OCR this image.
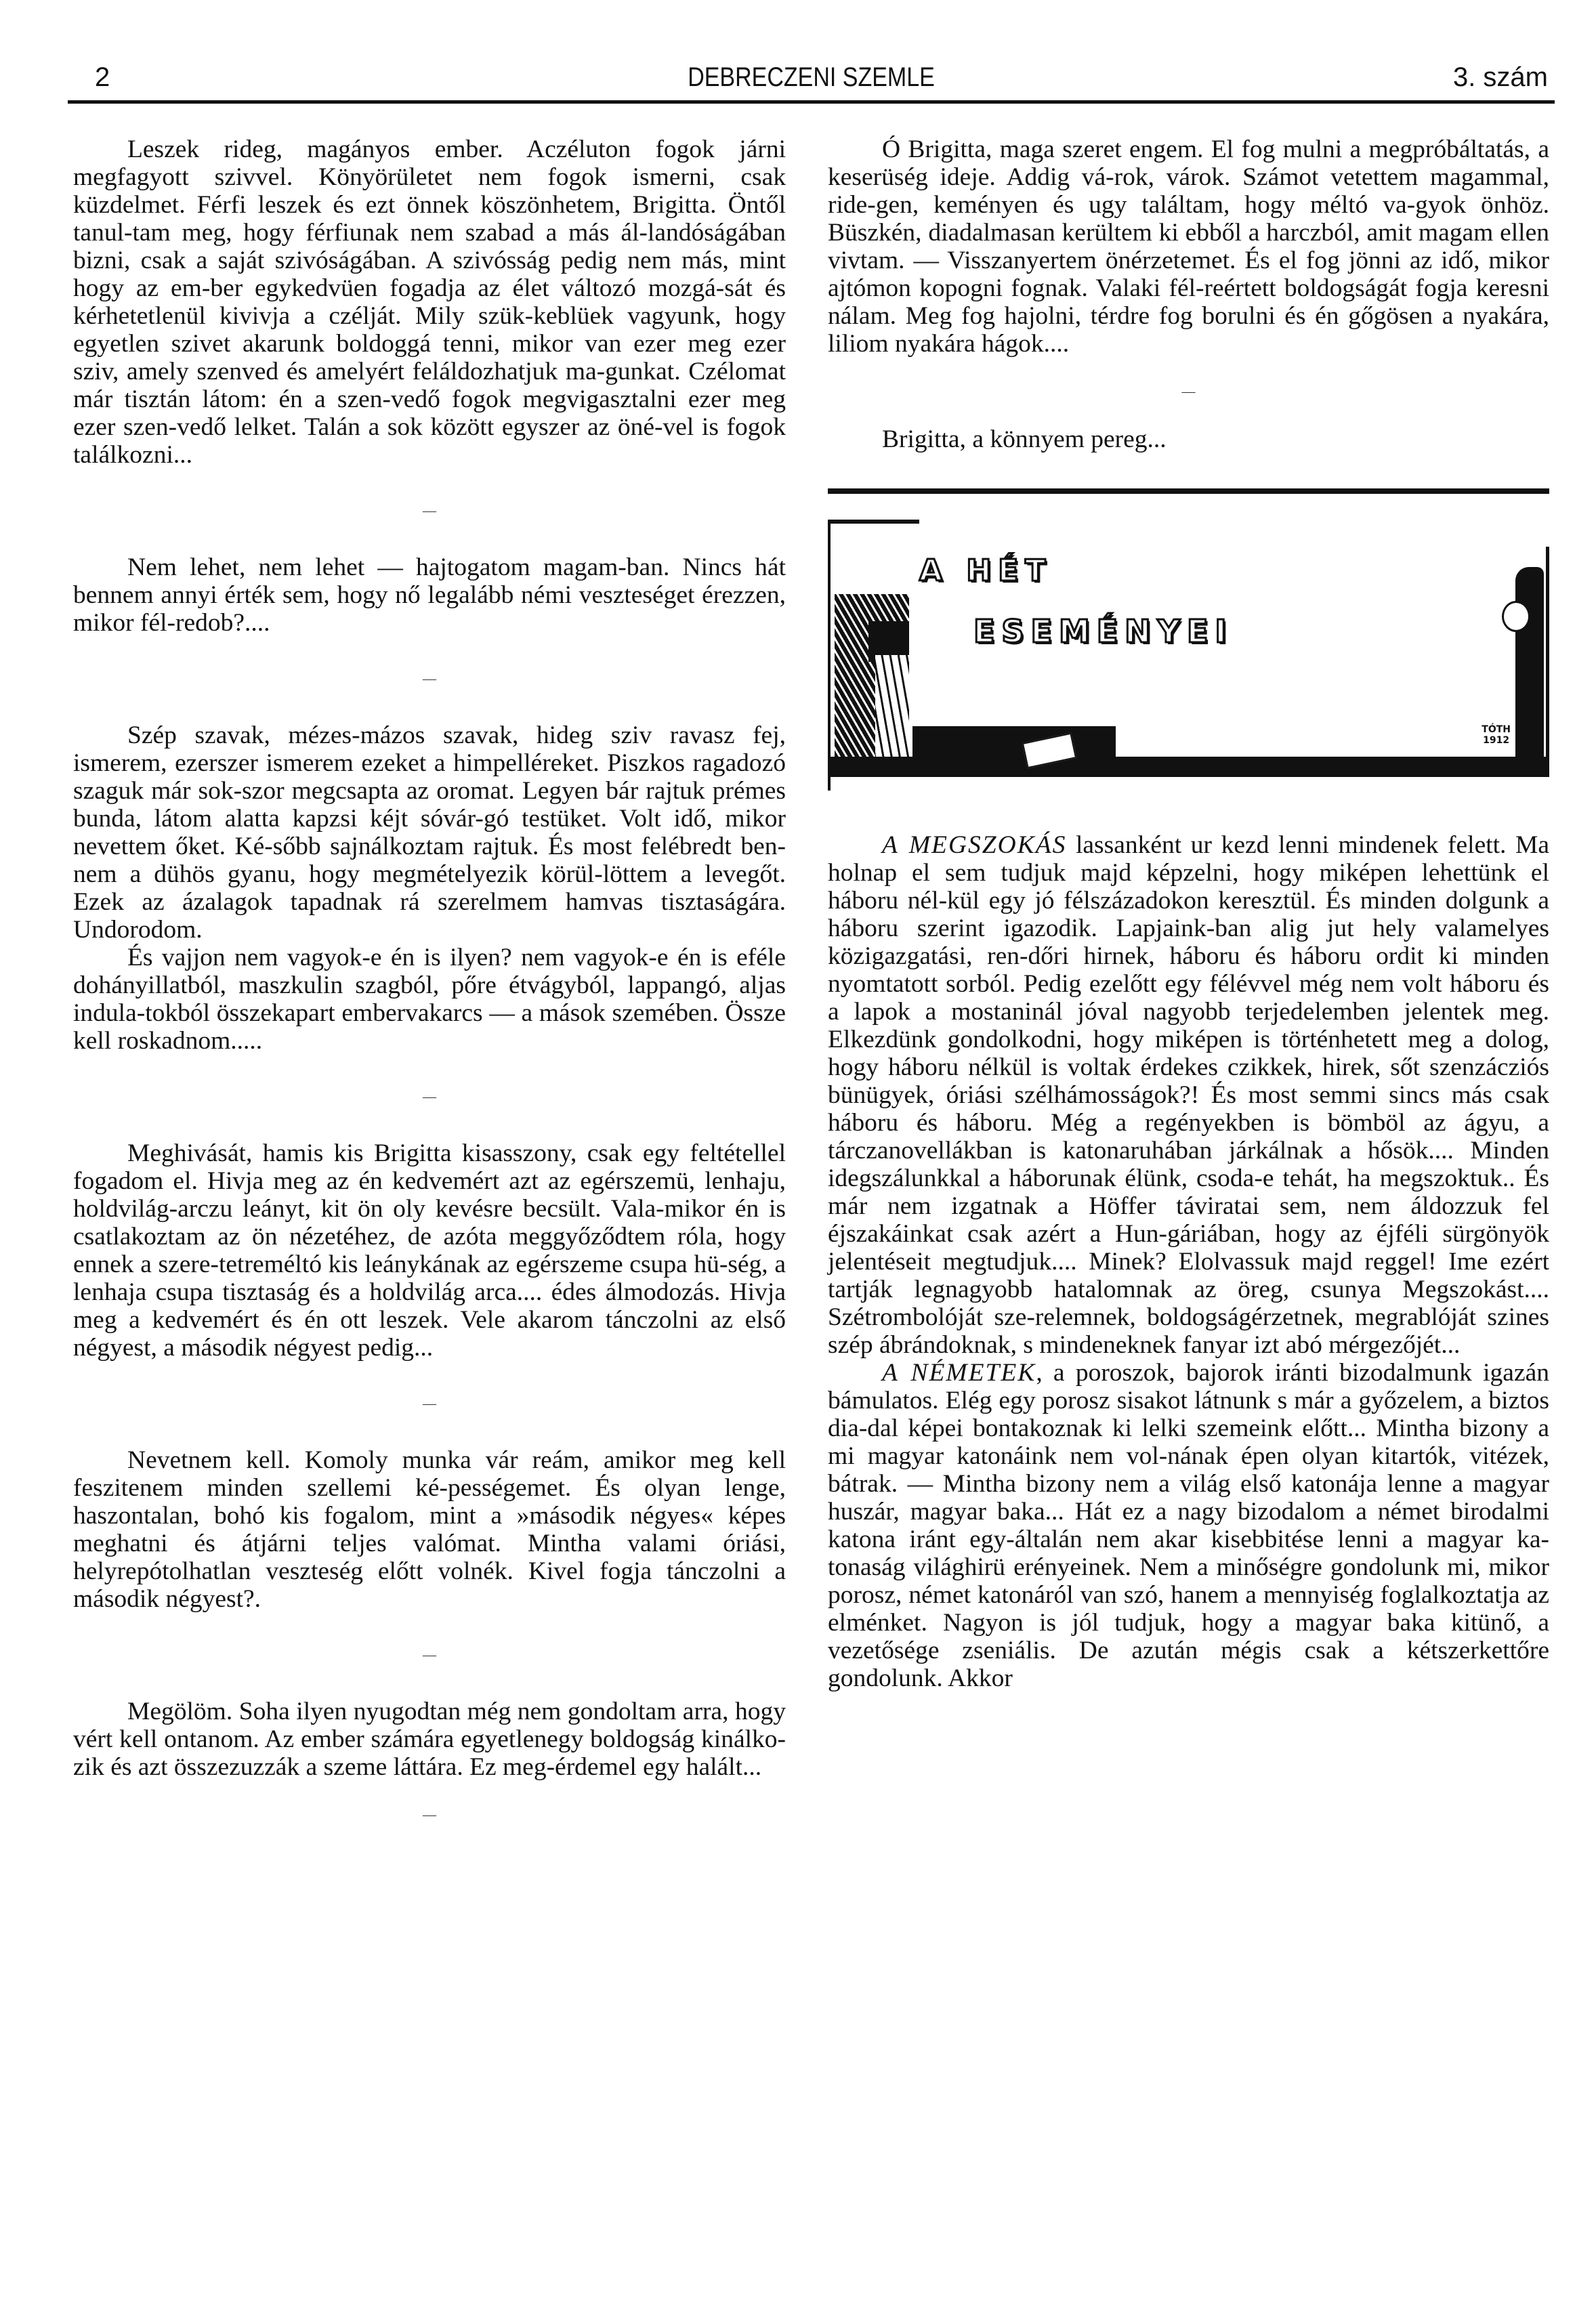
2	DEBRECZENI SZEMLE	3. szám

Leszek rideg, magányos ember. Aczéluton fogok járni megfagyott szivvel. Könyörületet nem fogok ismerni, csak küzdelmet. Férfi leszek és ezt önnek köszönhetem, Brigitta. Öntől tanul-tam meg, hogy férfiunak nem szabad a más ál-landóságában bizni, csak a saját szivóságában. A szivósság pedig nem más, mint hogy az em-ber egykedvüen fogadja az élet változó mozgá-sát és kérhetetlenül kivivja a czélját. Mily szük-keblüek vagyunk, hogy egyetlen szivet akarunk boldoggá tenni, mikor van ezer meg ezer sziv, amely szenved és amelyért feláldozhatjuk ma-gunkat. Czélomat már tisztán látom: én a szen-vedő fogok megvigasztalni ezer meg ezer szen-vedő lelket. Talán a sok között egyszer az öné-vel is fogok találkozni...

—

Nem lehet, nem lehet — hajtogatom magam-ban. Nincs hát bennem annyi érték sem, hogy nő legalább némi veszteséget érezzen, mikor fél-redob?....

—

Szép szavak, mézes-mázos szavak, hideg sziv ravasz fej, ismerem, ezerszer ismerem ezeket a himpelléreket. Piszkos ragadozó szaguk már sok-szor megcsapta az oromat. Legyen bár rajtuk prémes bunda, látom alatta kapzsi kéjt sóvár-gó testüket. Volt idő, mikor nevettem őket. Ké-sőbb sajnálkoztam rajtuk. És most felébredt ben-nem a dühös gyanu, hogy megmételyezik körül-löttem a levegőt. Ezek az ázalagok tapadnak rá szerelmem hamvas tisztaságára. Undorodom.

És vajjon nem vagyok-e én is ilyen? nem vagyok-e én is eféle dohányillatból, maszkulin szagból, pőre étvágyból, lappangó, aljas indula-tokból összekapart embervakarcs — a mások szemében. Össze kell roskadnom.....

—

Meghivását, hamis kis Brigitta kisasszony, csak egy feltétellel fogadom el. Hivja meg az én kedvemért azt az egérszemü, lenhaju, holdvilág-arczu leányt, kit ön oly kevésre becsült. Vala-mikor én is csatlakoztam az ön nézetéhez, de azóta meggyőződtem róla, hogy ennek a szere-tetreméltó kis leánykának az egérszeme csupa hü-ség, a lenhaja csupa tisztaság és a holdvilág arca.... édes álmodozás. Hivja meg a kedvemért és én ott leszek. Vele akarom tánczolni az első négyest, a második négyest pedig...

—

Nevetnem kell. Komoly munka vár reám, amikor meg kell feszitenem minden szellemi ké-pességemet. És olyan lenge, haszontalan, bohó kis fogalom, mint a »második négyes« képes meghatni és átjárni teljes valómat. Mintha valami óriási, helyrepótolhatlan veszteség előtt volnék. Kivel fogja tánczolni a második négyest?.

—

Megölöm. Soha ilyen nyugodtan még nem gondoltam arra, hogy vért kell ontanom. Az ember számára egyetlenegy boldogság kinálko-zik és azt összezuzzák a szeme láttára. Ez meg-érdemel egy halált...

—

Ó Brigitta, maga szeret engem. El fog mulni a megpróbáltatás, a keserüség ideje. Addig vá-rok, várok. Számot vetettem magammal, ride-gen, keményen és ugy találtam, hogy méltó va-gyok önhöz. Büszkén, diadalmasan kerültem ki ebből a harczból, amit magam ellen vivtam. — Visszanyertem önérzetemet. És el fog jönni az idő, mikor ajtómon kopogni fognak. Valaki fél-reértett boldogságát fogja keresni nálam. Meg fog hajolni, térdre fog borulni és én gőgösen a nyakára, liliom nyakára hágok....

—

Brigitta, a könnyem pereg...

A HÉT
ESEMÉNYEI
TÓTH
1912

A MEGSZOKÁS lassanként ur kezd lenni mindenek felett. Ma holnap el sem tudjuk majd képzelni, hogy miképen lehettünk el háboru nél-kül egy jó félszázadokon keresztül. És minden dolgunk a háboru szerint igazodik. Lapjaink-ban alig jut hely valamelyes közigazgatási, ren-dőri hirnek, háboru és háboru ordit ki minden nyomtatott sorból. Pedig ezelőtt egy félévvel még nem volt háboru és a lapok a mostaninál jóval nagyobb terjedelemben jelentek meg. Elkezdünk gondolkodni, hogy miképen is történhetett meg a dolog, hogy háboru nélkül is voltak érdekes czikkek, hirek, sőt szenzácziós bünügyek, óriási szélhámosságok?! És most semmi sincs más csak háboru és háboru. Még a regényekben is bömböl az ágyu, a tárczanovellákban is katonaruhában járkálnak a hősök.... Minden idegszálunkkal a háborunak élünk, csoda-e tehát, ha megszoktuk.. És már nem izgatnak a Höffer táviratai sem, nem áldozzuk fel éjszakáinkat csak azért a Hun-gáriában, hogy az éjféli sürgönyök jelentéseit megtudjuk.... Minek? Elolvassuk majd reggel! Ime ezért tartják legnagyobb hatalomnak az öreg, csunya Megszokást.... Szétrombolóját sze-relemnek, boldogságérzetnek, megrablóját szines szép ábrándoknak, s mindeneknek fanyar izt abó mérgezőjét...

A NÉMETEK, a poroszok, bajorok iránti bizodalmunk igazán bámulatos. Elég egy porosz sisakot látnunk s már a győzelem, a biztos dia-dal képei bontakoznak ki lelki szemeink előtt... Mintha bizony a mi magyar katonáink nem vol-nának épen olyan kitartók, vitézek, bátrak. — Mintha bizony nem a világ első katonája lenne a magyar huszár, magyar baka... Hát ez a nagy bizodalom a német birodalmi katona iránt egy-általán nem akar kisebbitése lenni a magyar ka-tonaság világhirü erényeinek. Nem a minőségre gondolunk mi, mikor porosz, német katonáról van szó, hanem a mennyiség foglalkoztatja az elménket. Nagyon is jól tudjuk, hogy a magyar baka kitünő, a vezetősége zseniális. De azután mégis csak a kétszerkettőre gondolunk. Akkor
